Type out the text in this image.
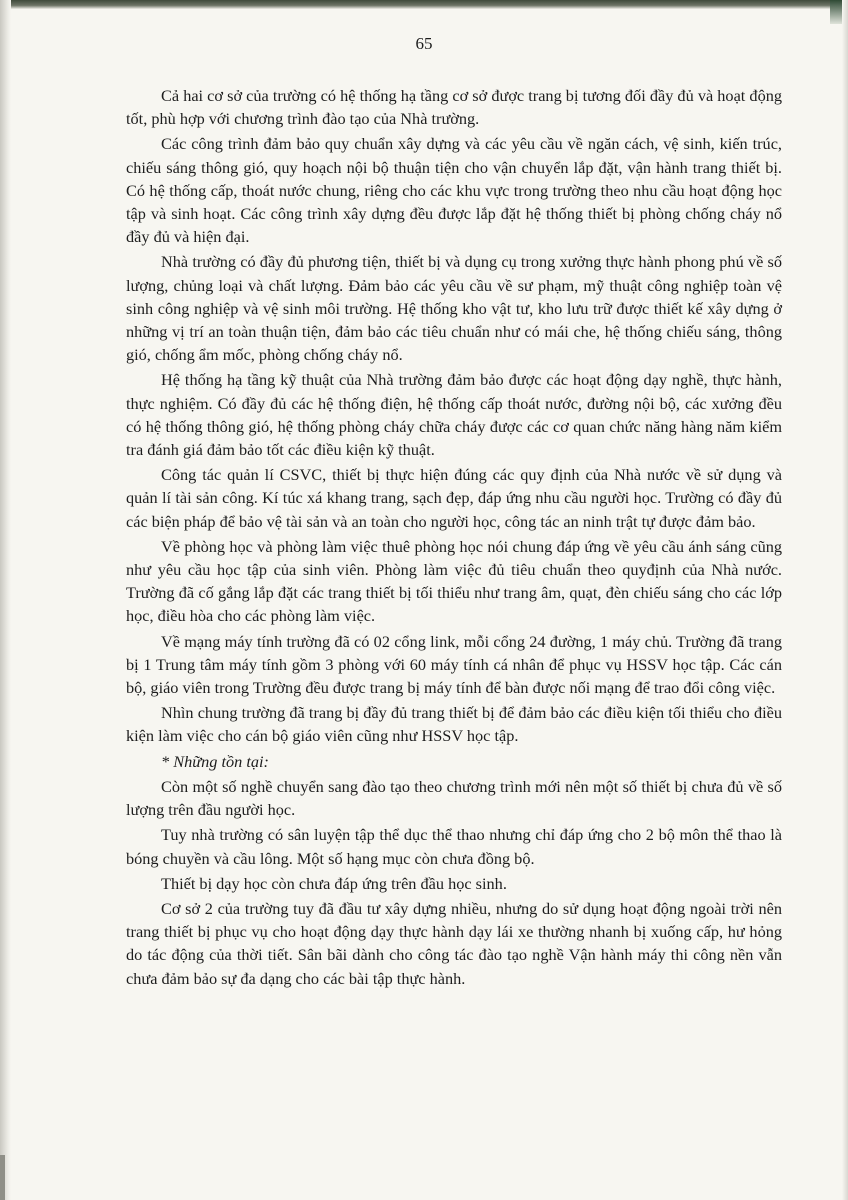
65

Cả hai cơ sở của trường có hệ thống hạ tầng cơ sở được trang bị tương đối đầy đủ và hoạt động tốt, phù hợp với chương trình đào tạo của Nhà trường.

Các công trình đảm bảo quy chuẩn xây dựng và các yêu cầu về ngăn cách, vệ sinh, kiến trúc, chiếu sáng thông gió, quy hoạch nội bộ thuận tiện cho vận chuyển lắp đặt, vận hành trang thiết bị. Có hệ thống cấp, thoát nước chung, riêng cho các khu vực trong trường theo nhu cầu hoạt động học tập và sinh hoạt. Các công trình xây dựng đều được lắp đặt hệ thống thiết bị phòng chống cháy nổ đầy đủ và hiện đại.

Nhà trường có đầy đủ phương tiện, thiết bị và dụng cụ trong xưởng thực hành phong phú về số lượng, chủng loại và chất lượng. Đảm bảo các yêu cầu về sư phạm, mỹ thuật công nghiệp toàn vệ sinh công nghiệp và vệ sinh môi trường. Hệ thống kho vật tư, kho lưu trữ được thiết kế xây dựng ở những vị trí an toàn thuận tiện, đảm bảo các tiêu chuẩn như có mái che, hệ thống chiếu sáng, thông gió, chống ẩm mốc, phòng chống cháy nổ.

Hệ thống hạ tầng kỹ thuật của Nhà trường đảm bảo được các hoạt động dạy nghề, thực hành, thực nghiệm. Có đầy đủ các hệ thống điện, hệ thống cấp thoát nước, đường nội bộ, các xưởng đều có hệ thống thông gió, hệ thống phòng cháy chữa cháy được các cơ quan chức năng hàng năm kiểm tra đánh giá đảm bảo tốt các điều kiện kỹ thuật.

Công tác quản lí CSVC, thiết bị thực hiện đúng các quy định của Nhà nước về sử dụng và quản lí tài sản công. Kí túc xá khang trang, sạch đẹp, đáp ứng nhu cầu người học. Trường có đầy đủ các biện pháp để bảo vệ tài sản và an toàn cho người học, công tác an ninh trật tự được đảm bảo.

Về phòng học và phòng làm việc thuê phòng học nói chung đáp ứng về yêu cầu ánh sáng cũng như yêu cầu học tập của sinh viên. Phòng làm việc đủ tiêu chuẩn theo quyđịnh của Nhà nước. Trường đã cố gắng lắp đặt các trang thiết bị tối thiểu như trang âm, quạt, đèn chiếu sáng cho các lớp học, điều hòa cho các phòng làm việc.

Về mạng máy tính trường đã có 02 cổng link, mỗi cổng 24 đường, 1 máy chủ. Trường đã trang bị 1 Trung tâm máy tính gồm 3 phòng với 60 máy tính cá nhân để phục vụ HSSV học tập. Các cán bộ, giáo viên trong Trường đều được trang bị máy tính để bàn được nối mạng để trao đổi công việc.

Nhìn chung trường đã trang bị đầy đủ trang thiết bị để đảm bảo các điều kiện tối thiểu cho điều kiện làm việc cho cán bộ giáo viên cũng như HSSV học tập.

* Những tồn tại:

Còn một số nghề chuyển sang đào tạo theo chương trình mới nên một số thiết bị chưa đủ về số lượng trên đầu người học.

Tuy nhà trường có sân luyện tập thể dục thể thao nhưng chỉ đáp ứng cho 2 bộ môn thể thao là bóng chuyền và cầu lông. Một số hạng mục còn chưa đồng bộ.

Thiết bị dạy học còn chưa đáp ứng trên đầu học sinh.

Cơ sở 2 của trường tuy đã đầu tư xây dựng nhiều, nhưng do sử dụng hoạt động ngoài trời nên trang thiết bị phục vụ cho hoạt động dạy thực hành dạy lái xe thường nhanh bị xuống cấp, hư hỏng do tác động của thời tiết. Sân bãi dành cho công tác đào tạo nghề Vận hành máy thi công nền vẫn chưa đảm bảo sự đa dạng cho các bài tập thực hành.
